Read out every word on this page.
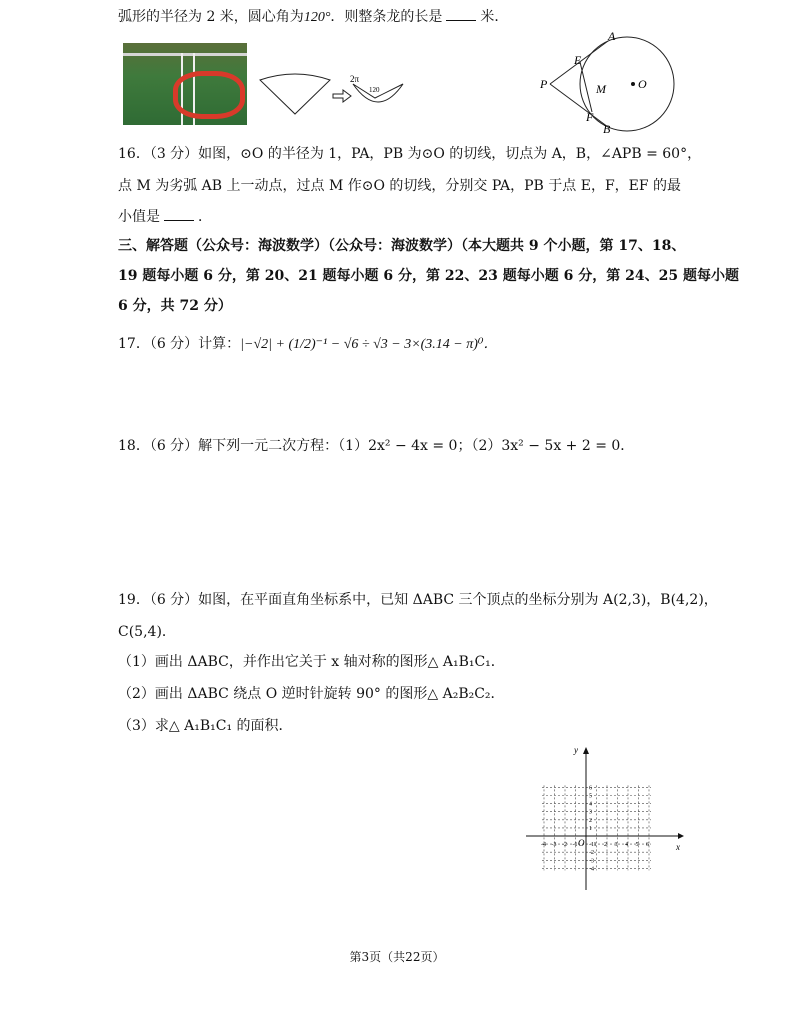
弧形的半径为 2 米，圆心角为120°．则整条龙的长是	米．
2π
120
A
E
P	M	O
F
B
16．（3 分）如图，⊙O 的半径为 1，PA，PB 为⊙O 的切线，切点为 A，B，∠APB = 60°，
点 M 为劣弧 AB 上一动点，过点 M 作⊙O 的切线，分别交 PA，PB 于点 E，F，EF 的最
小值是	．
三、解答题（公众号：海波数学）（公众号：海波数学）（本大题共 9 个小题，第 17、18、
19 题每小题 6 分，第 20、21 题每小题 6 分，第 22、23 题每小题 6 分，第 24、25 题每小题
6 分，共 72 分）
17．（6 分）计算：|−√2| + (1/2)⁻¹ − √6 ÷ √3 − 3×(3.14 − π)⁰．
18．（6 分）解下列一元二次方程：（1）2x² − 4x = 0；（2）3x² − 5x + 2 = 0．
19．（6 分）如图，在平面直角坐标系中，已知 ΔABC 三个顶点的坐标分别为 A(2,3)，B(4,2)，
C(5,4)．
（1）画出 ΔABC，并作出它关于 x 轴对称的图形△ A₁B₁C₁．
（2）画出 ΔABC 绕点 O 逆时针旋转 90° 的图形△ A₂B₂C₂．
（3）求△ A₁B₁C₁ 的面积．
x
y
O
-4 -3 -2 -1	1 2 3 4 5 6
6
5
4
3
2
1
-1
-2
-3
-4
第3页（共22页）
